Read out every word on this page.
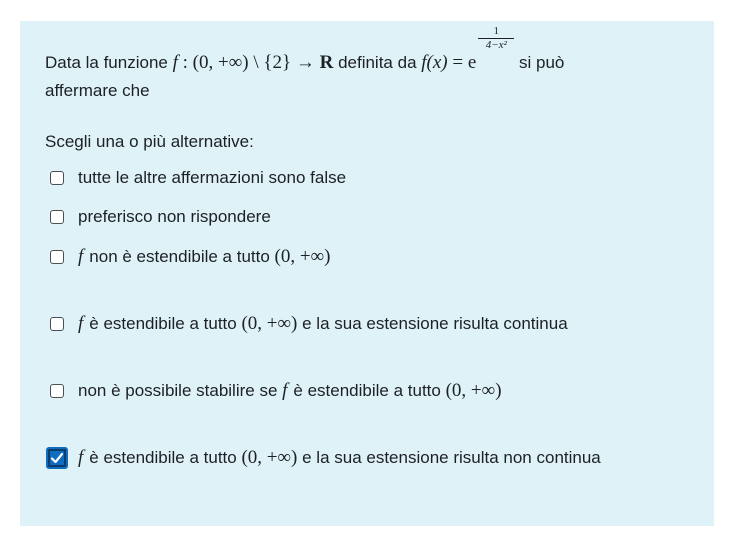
Data la funzione f : (0, +∞) \ {2} → R definita da f(x) = e
$\frac{1}{\text{4−x²}}$
si può
affermare che
Scegli una o più alternative:
tutte le altre affermazioni sono false
preferisco non rispondere
f non è estendibile a tutto (0, +∞)
f è estendibile a tutto (0, +∞) e la sua estensione risulta continua
non è possibile stabilire se f è estendibile a tutto (0, +∞)
f è estendibile a tutto (0, +∞) e la sua estensione risulta non continua
